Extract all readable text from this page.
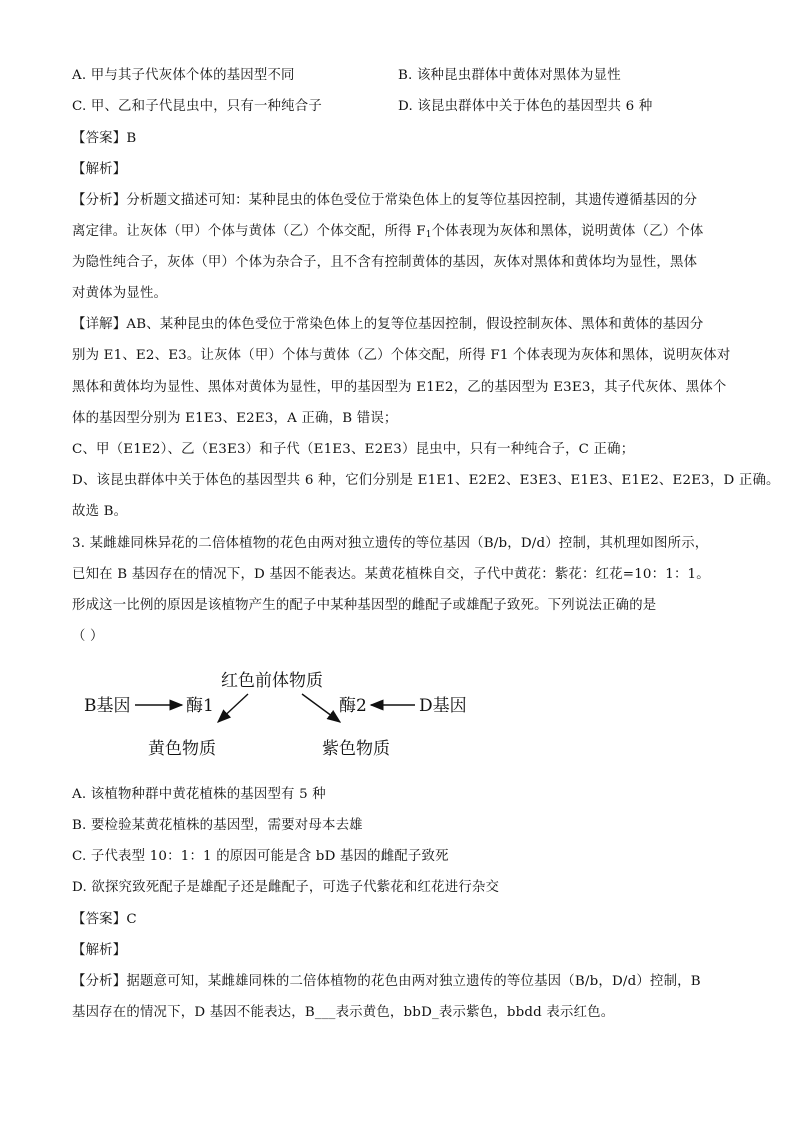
A. 甲与其子代灰体个体的基因型不同	B. 该种昆虫群体中黄体对黑体为显性
C. 甲、乙和子代昆虫中，只有一种纯合子	D. 该昆虫群体中关于体色的基因型共 6 种
【答案】B
【解析】
【分析】分析题文描述可知：某种昆虫的体色受位于常染色体上的复等位基因控制，其遗传遵循基因的分
离定律。让灰体（甲）个体与黄体（乙）个体交配，所得 $F_1$个体表现为灰体和黑体，说明黄体（乙）个体
为隐性纯合子，灰体（甲）个体为杂合子，且不含有控制黄体的基因，灰体对黑体和黄体均为显性，黑体
对黄体为显性。
【详解】AB、某种昆虫的体色受位于常染色体上的复等位基因控制，假设控制灰体、黑体和黄体的基因分
别为 E1、E2、E3。让灰体（甲）个体与黄体（乙）个体交配，所得 F1 个体表现为灰体和黑体，说明灰体对
黑体和黄体均为显性、黑体对黄体为显性，甲的基因型为 E1E2，乙的基因型为 E3E3，其子代灰体、黑体个
体的基因型分别为 E1E3、E2E3，A 正确，B 错误；
C、甲（E1E2）、乙（E3E3）和子代（E1E3、E2E3）昆虫中，只有一种纯合子，C 正确；
D、该昆虫群体中关于体色的基因型共 6 种，它们分别是 E1E1、E2E2、E3E3、E1E3、E1E2、E2E3，D 正确。
故选 B。
3. 某雌雄同株异花的二倍体植物的花色由两对独立遗传的等位基因（B/b，D/d）控制，其机理如图所示，
已知在 B 基因存在的情况下，D 基因不能表达。某黄花植株自交，子代中黄花：紫花：红花=10：1：1。
形成这一比例的原因是该植物产生的配子中某种基因型的雌配子或雄配子致死。下列说法正确的是
（ ）
红色前体物质
B基因	酶1	酶2	D基因
黄色物质	紫色物质
A. 该植物种群中黄花植株的基因型有 5 种
B. 要检验某黄花植株的基因型，需要对母本去雄
C. 子代表型 10：1：1 的原因可能是含 bD 基因的雌配子致死
D. 欲探究致死配子是雄配子还是雌配子，可选子代紫花和红花进行杂交
【答案】C
【解析】
【分析】据题意可知，某雌雄同株的二倍体植物的花色由两对独立遗传的等位基因（B/b，D/d）控制，B
基因存在的情况下，D 基因不能表达，B___表示黄色，bbD_表示紫色，bbdd 表示红色。
